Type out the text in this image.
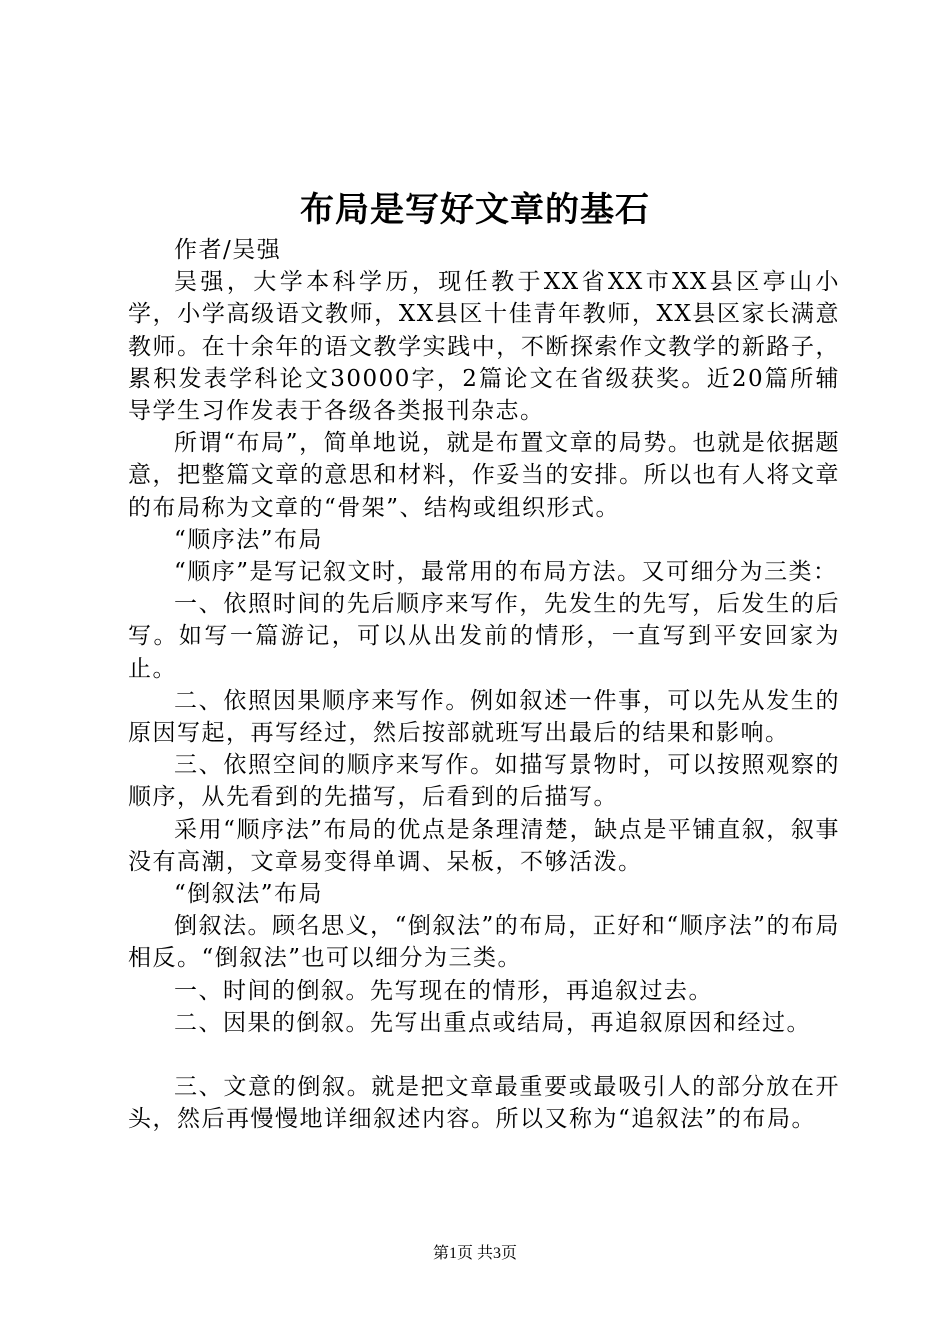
布局是写好文章的基石

作者/吴强

吴强，大学本科学历，现任教于XX省XX市XX县区亭山小学，小学高级语文教师，XX县区十佳青年教师，XX县区家长满意教师。在十余年的语文教学实践中，不断探索作文教学的新路子，累积发表学科论文30000字，2篇论文在省级获奖。近20篇所辅导学生习作发表于各级各类报刊杂志。

所谓“布局”，简单地说，就是布置文章的局势。也就是依据题意，把整篇文章的意思和材料，作妥当的安排。所以也有人将文章的布局称为文章的“骨架”、结构或组织形式。

“顺序法”布局

“顺序”是写记叙文时，最常用的布局方法。又可细分为三类：

一、依照时间的先后顺序来写作，先发生的先写，后发生的后写。如写一篇游记，可以从出发前的情形，一直写到平安回家为止。

二、依照因果顺序来写作。例如叙述一件事，可以先从发生的原因写起，再写经过，然后按部就班写出最后的结果和影响。

三、依照空间的顺序来写作。如描写景物时，可以按照观察的顺序，从先看到的先描写，后看到的后描写。

采用“顺序法”布局的优点是条理清楚，缺点是平铺直叙，叙事没有高潮，文章易变得单调、呆板，不够活泼。

“倒叙法”布局

倒叙法。顾名思义，“倒叙法”的布局，正好和“顺序法”的布局相反。“倒叙法”也可以细分为三类。

一、时间的倒叙。先写现在的情形，再追叙过去。

二、因果的倒叙。先写出重点或结局，再追叙原因和经过。

三、文意的倒叙。就是把文章最重要或最吸引人的部分放在开头，然后再慢慢地详细叙述内容。所以又称为“追叙法”的布局。

第1页 共3页
